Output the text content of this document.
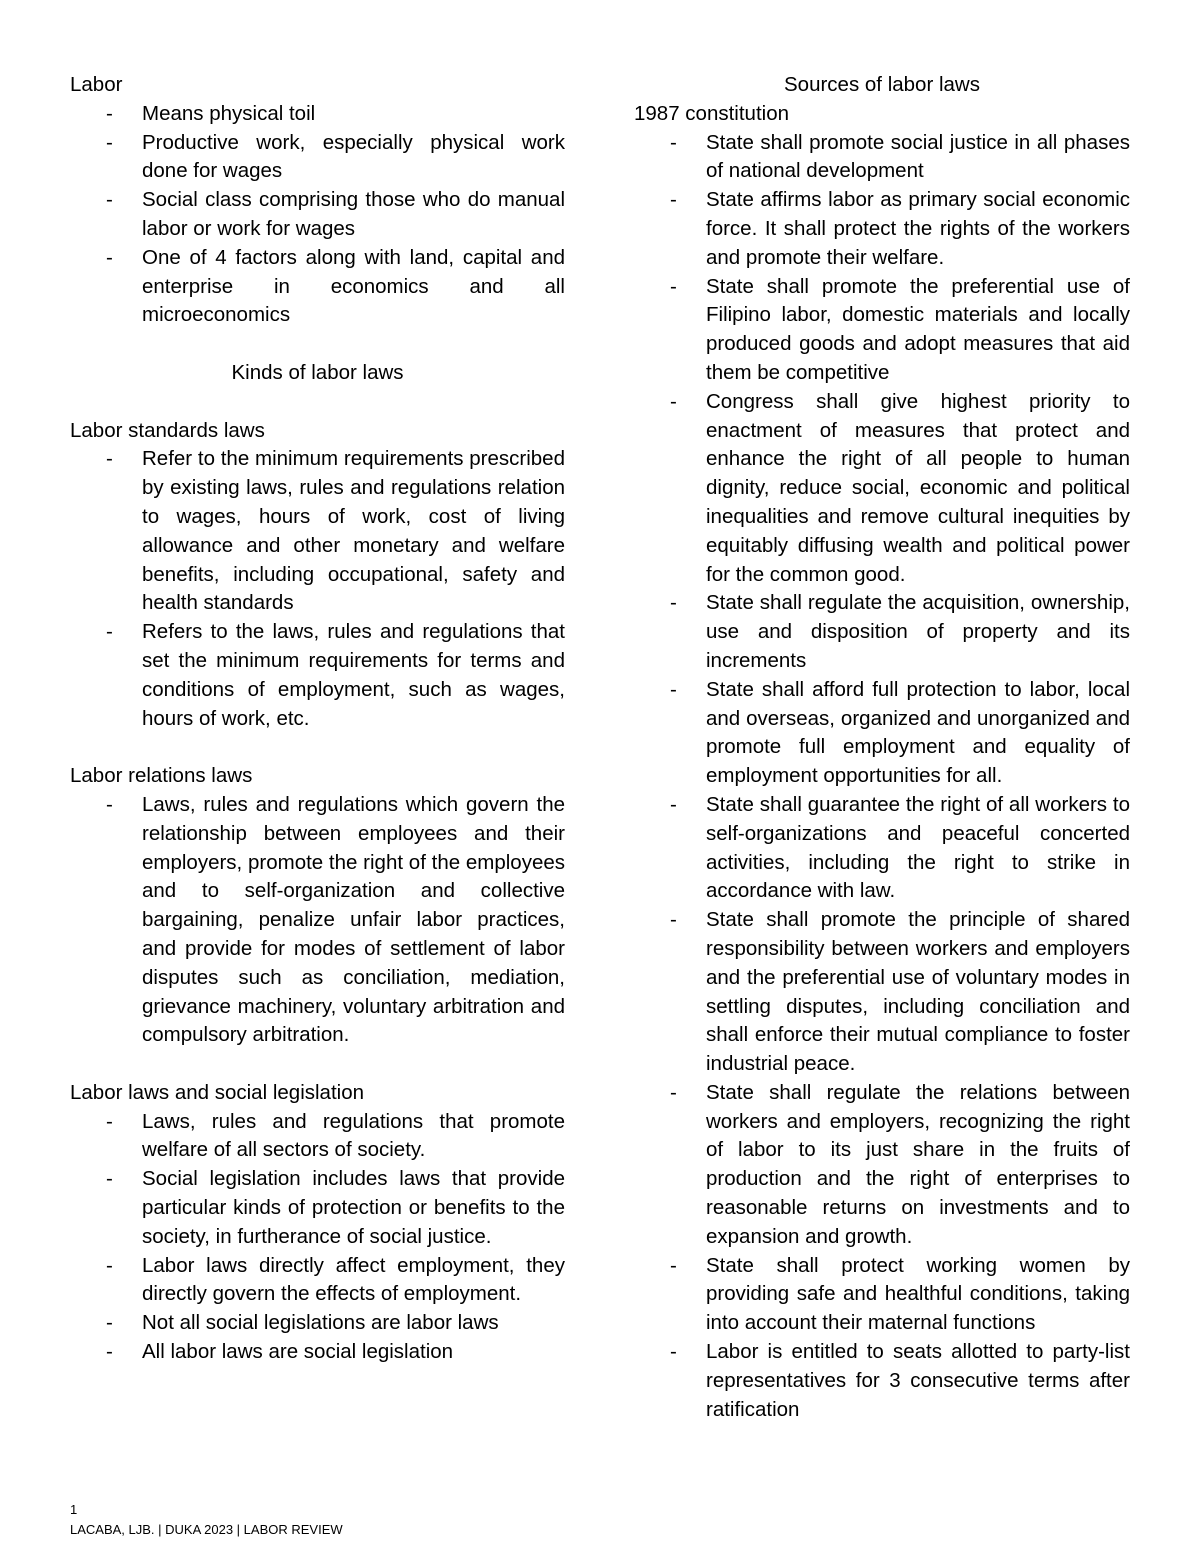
Labor

- Means physical toil
- Productive work, especially physical work done for wages
- Social class comprising those who do manual labor or work for wages
- One of 4 factors along with land, capital and enterprise in economics and all microeconomics

Kinds of labor laws

Labor standards laws

- Refer to the minimum requirements prescribed by existing laws, rules and regulations relation to wages, hours of work, cost of living allowance and other monetary and welfare benefits, including occupational, safety and health standards
- Refers to the laws, rules and regulations that set the minimum requirements for terms and conditions of employment, such as wages, hours of work, etc.

Labor relations laws

- Laws, rules and regulations which govern the relationship between employees and their employers, promote the right of the employees and to self-organization and collective bargaining, penalize unfair labor practices, and provide for modes of settlement of labor disputes such as conciliation, mediation, grievance machinery, voluntary arbitration and compulsory arbitration.

Labor laws and social legislation

- Laws, rules and regulations that promote welfare of all sectors of society.
- Social legislation includes laws that provide particular kinds of protection or benefits to the society, in furtherance of social justice.
- Labor laws directly affect employment, they directly govern the effects of employment.
- Not all social legislations are labor laws
- All labor laws are social legislation

Sources of labor laws

1987 constitution

- State shall promote social justice in all phases of national development
- State affirms labor as primary social economic force. It shall protect the rights of the workers and promote their welfare.
- State shall promote the preferential use of Filipino labor, domestic materials and locally produced goods and adopt measures that aid them be competitive
- Congress shall give highest priority to enactment of measures that protect and enhance the right of all people to human dignity, reduce social, economic and political inequalities and remove cultural inequities by equitably diffusing wealth and political power for the common good.
- State shall regulate the acquisition, ownership, use and disposition of property and its increments
- State shall afford full protection to labor, local and overseas, organized and unorganized and promote full employment and equality of employment opportunities for all.
- State shall guarantee the right of all workers to self-organizations and peaceful concerted activities, including the right to strike in accordance with law.
- State shall promote the principle of shared responsibility between workers and employers and the preferential use of voluntary modes in settling disputes, including conciliation and shall enforce their mutual compliance to foster industrial peace.
- State shall regulate the relations between workers and employers, recognizing the right of labor to its just share in the fruits of production and the right of enterprises to reasonable returns on investments and to expansion and growth.
- State shall protect working women by providing safe and healthful conditions, taking into account their maternal functions
- Labor is entitled to seats allotted to party-list representatives for 3 consecutive terms after ratification
1
LACABA, LJB. | DUKA 2023 | LABOR REVIEW
